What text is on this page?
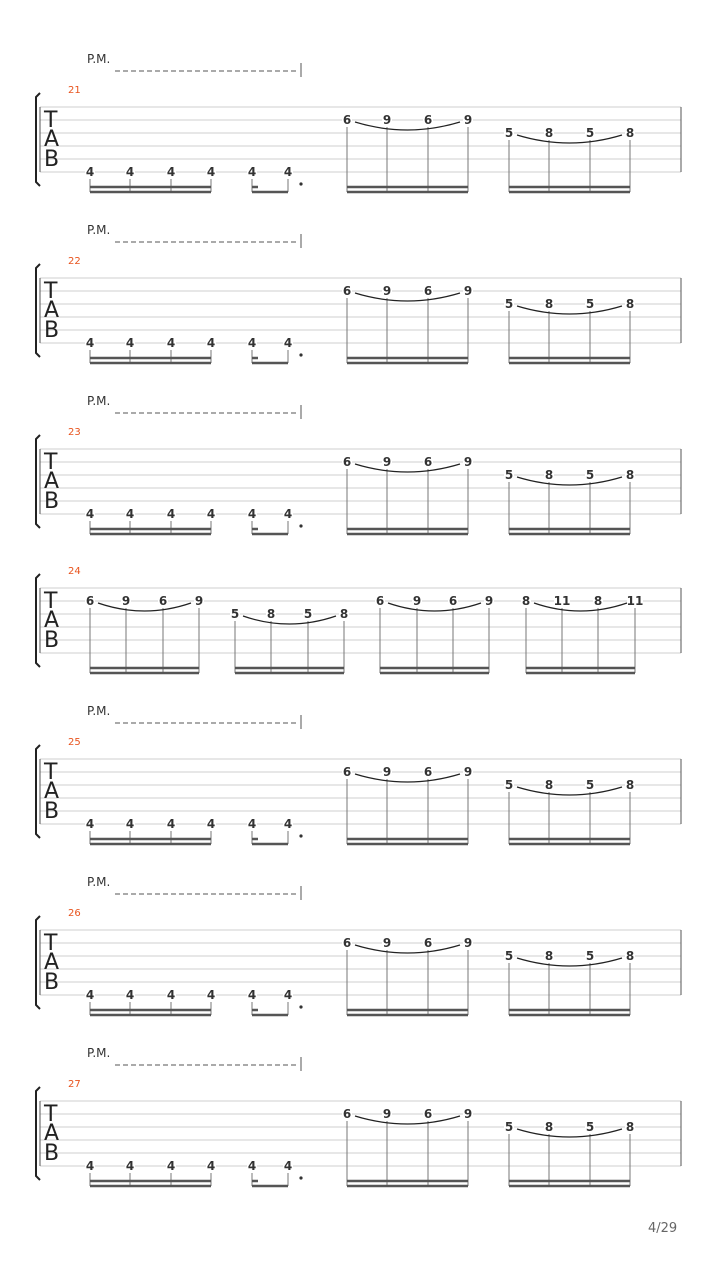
P.M.
21
T
A
B 4	4	4	4	4 4
6	9	6	9
5	8	5	8
P.M.
22
T
A
B 4	4	4	4	4 4
6	9	6	9
5	8	5	8
P.M.
23
T
A
B 4	4	4	4	4 4
6	9	6	9
5	8	5	8
24
T
A
B
6 9 6 9
5 8 5 8
6 9 6 9 8 11 8 11
P.M.
25
T
A
B 4	4	4	4	4 4
6	9	6	9
5	8	5	8
P.M.
26
T
A
B 4	4	4	4	4 4
6	9	6	9
5	8	5	8
P.M.
27
T
A
B 4	4	4	4	4 4
6	9	6	9
5	8	5	8
4/29
